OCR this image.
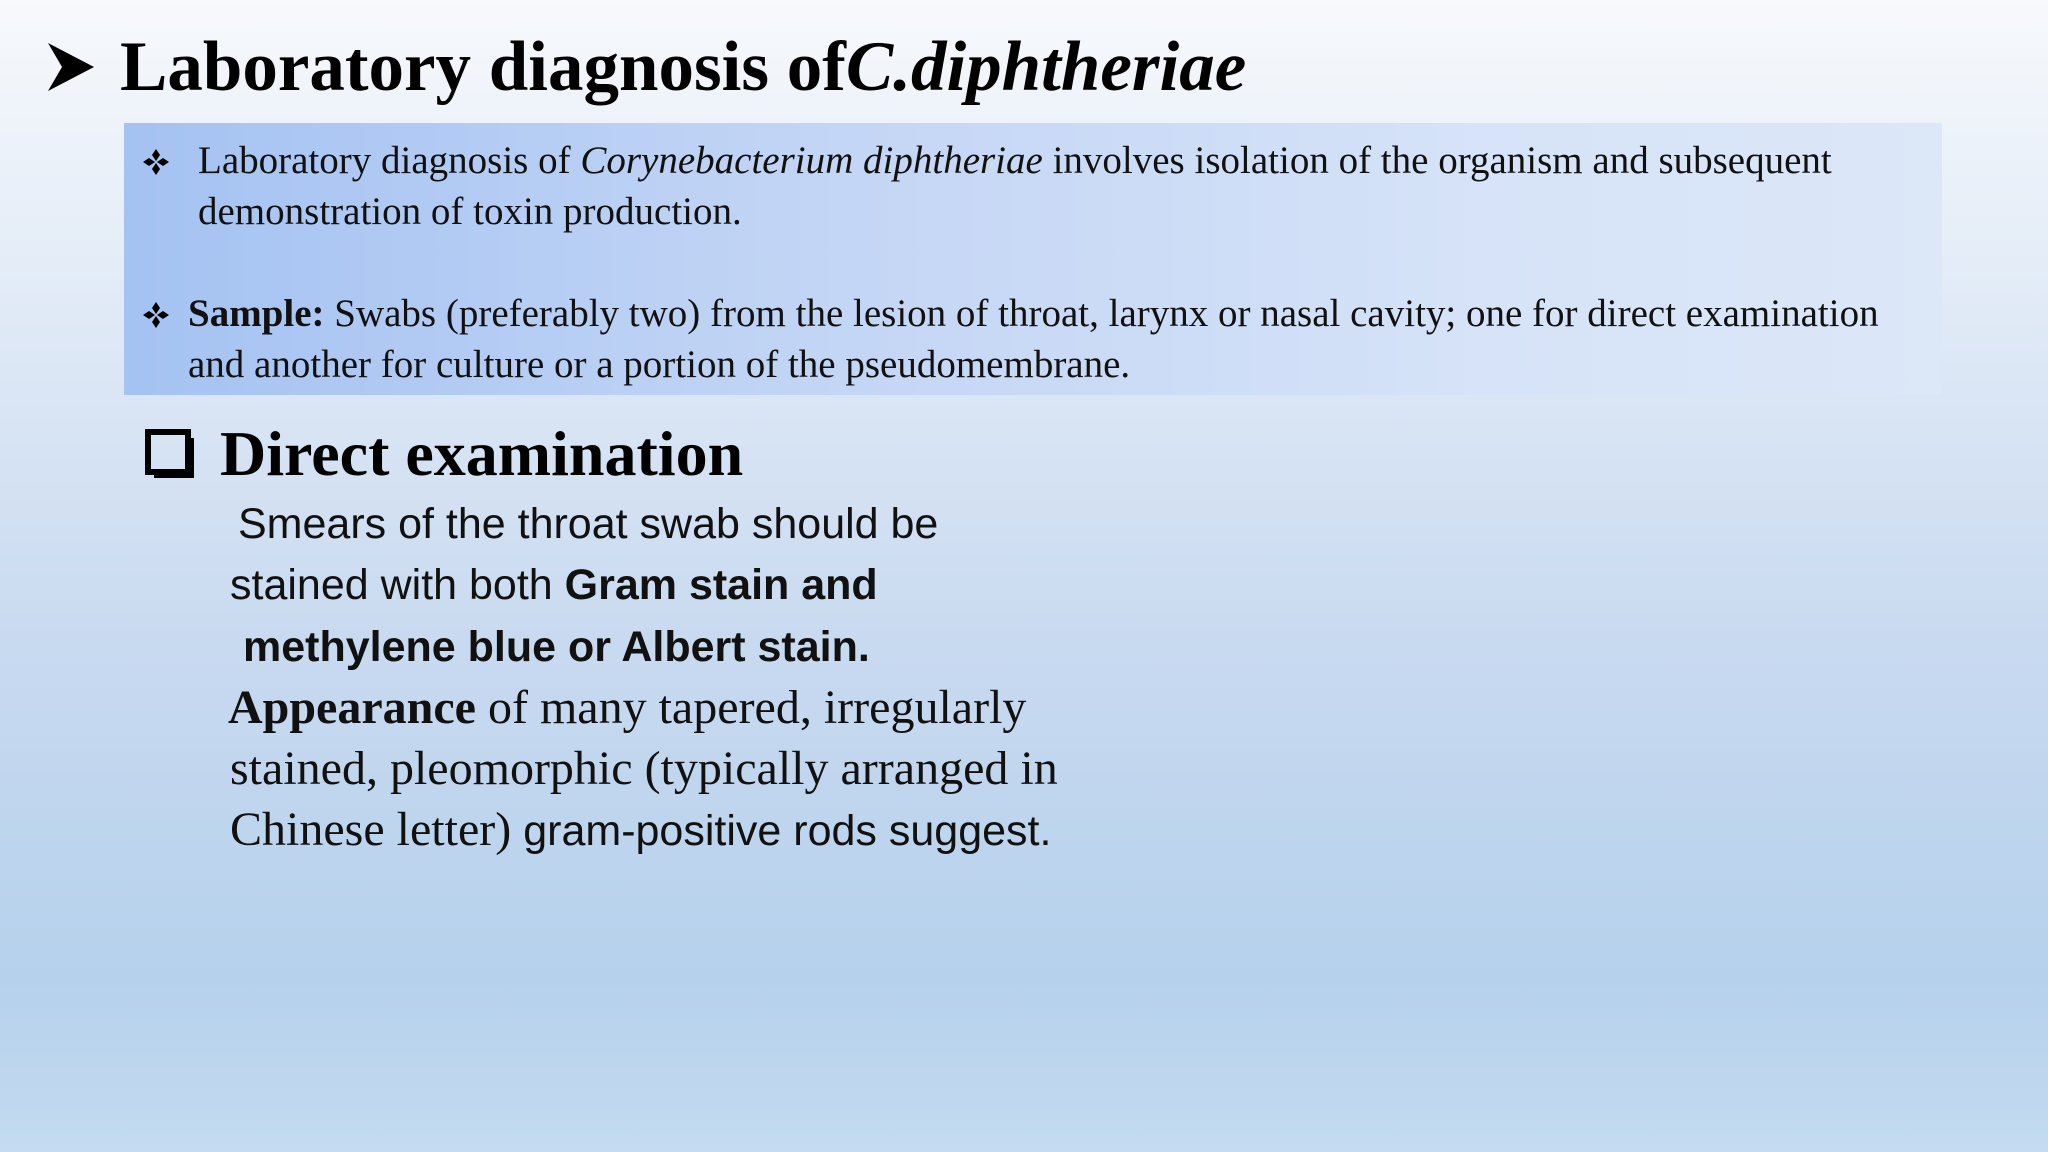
Laboratory diagnosis of C.diphtheriae
Laboratory diagnosis of Corynebacterium diphtheriae involves isolation of the organism and subsequent demonstration of toxin production.
Sample: Swabs (preferably two) from the lesion of throat, larynx or nasal cavity; one for direct examination and another for culture or a portion of the pseudomembrane.
Direct examination
Smears of the throat swab should be
stained with both Gram stain and
methylene blue or Albert stain.
Appearance of many tapered, irregularly
stained, pleomorphic (typically arranged in
Chinese letter) gram-positive rods suggest.
